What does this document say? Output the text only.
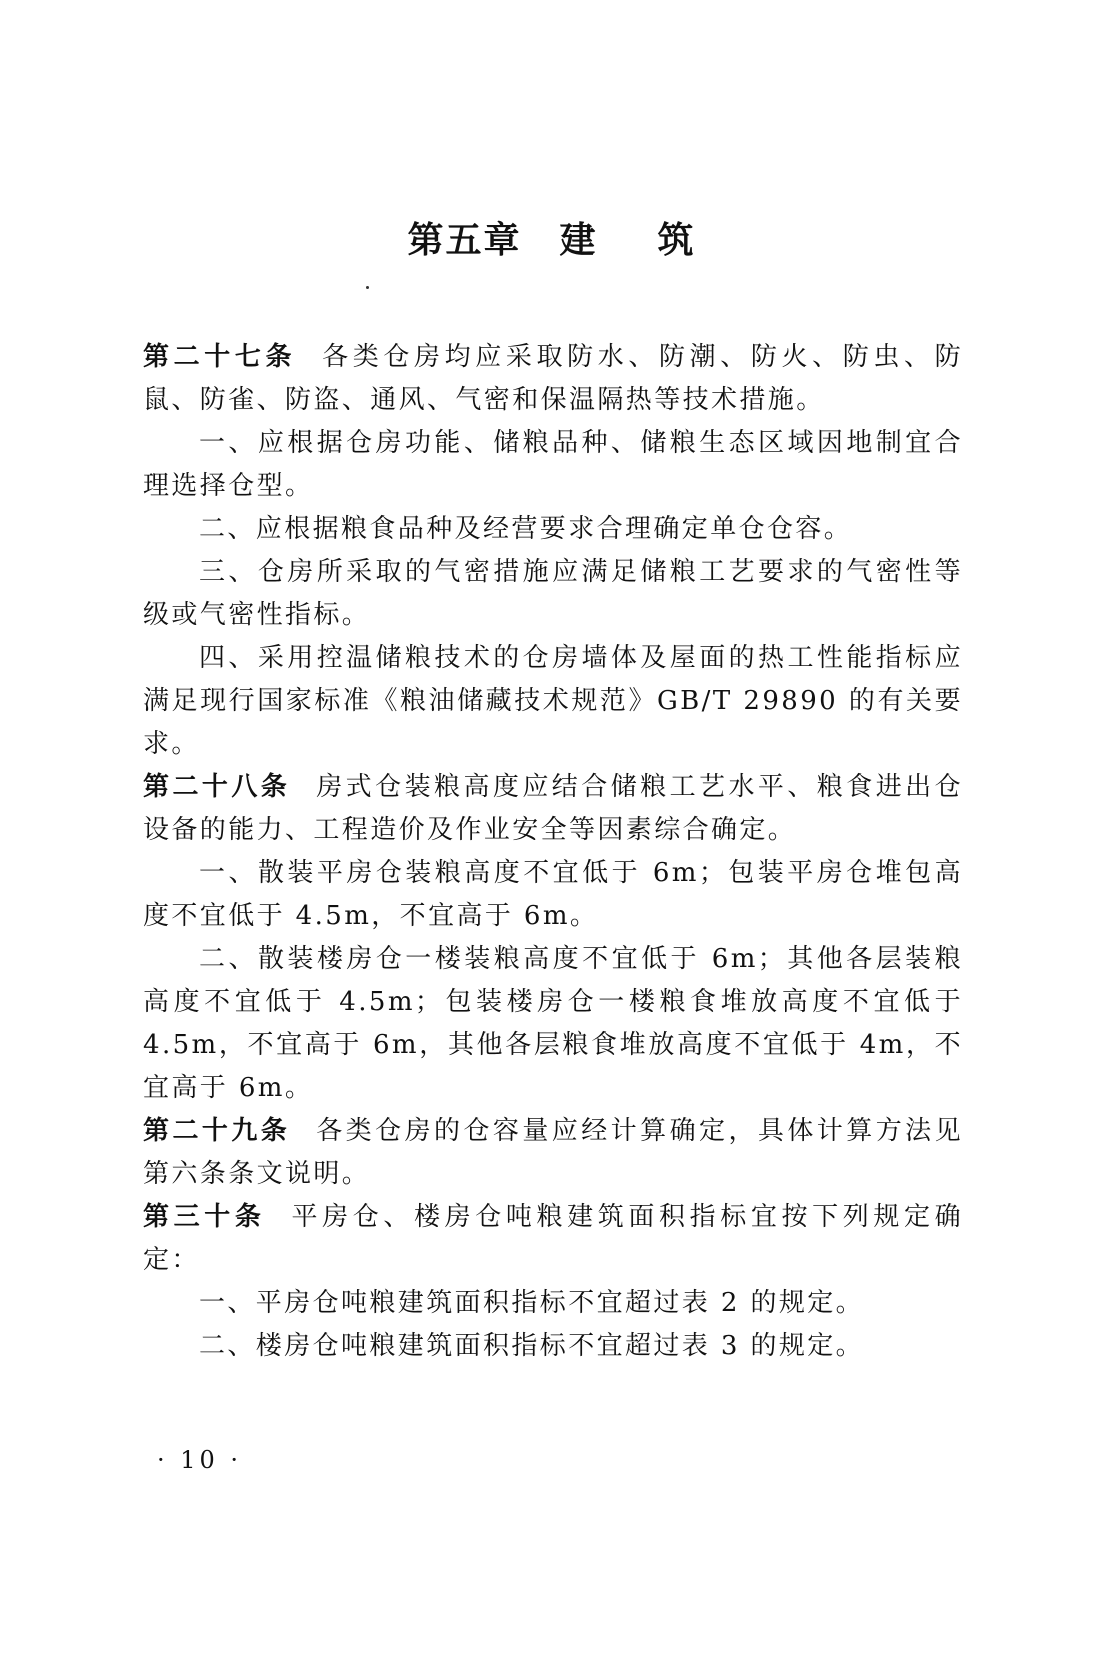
第五章 建 筑

第二十七条 各类仓房均应采取防水、防潮、防火、防虫、防鼠、防雀、防盗、通风、气密和保温隔热等技术措施。

一、应根据仓房功能、储粮品种、储粮生态区域因地制宜合理选择仓型。

二、应根据粮食品种及经营要求合理确定单仓仓容。

三、仓房所采取的气密措施应满足储粮工艺要求的气密性等级或气密性指标。

四、采用控温储粮技术的仓房墙体及屋面的热工性能指标应满足现行国家标准《粮油储藏技术规范》GB/T 29890 的有关要求。

第二十八条 房式仓装粮高度应结合储粮工艺水平、粮食进出仓设备的能力、工程造价及作业安全等因素综合确定。

一、散装平房仓装粮高度不宜低于 6m；包装平房仓堆包高度不宜低于 4.5m，不宜高于 6m。

二、散装楼房仓一楼装粮高度不宜低于 6m；其他各层装粮高度不宜低于 4.5m；包装楼房仓一楼粮食堆放高度不宜低于 4.5m，不宜高于 6m，其他各层粮食堆放高度不宜低于 4m，不宜高于 6m。

第二十九条 各类仓房的仓容量应经计算确定，具体计算方法见第六条条文说明。

第三十条 平房仓、楼房仓吨粮建筑面积指标宜按下列规定确定：

一、平房仓吨粮建筑面积指标不宜超过表 2 的规定。

二、楼房仓吨粮建筑面积指标不宜超过表 3 的规定。

· 10 ·
